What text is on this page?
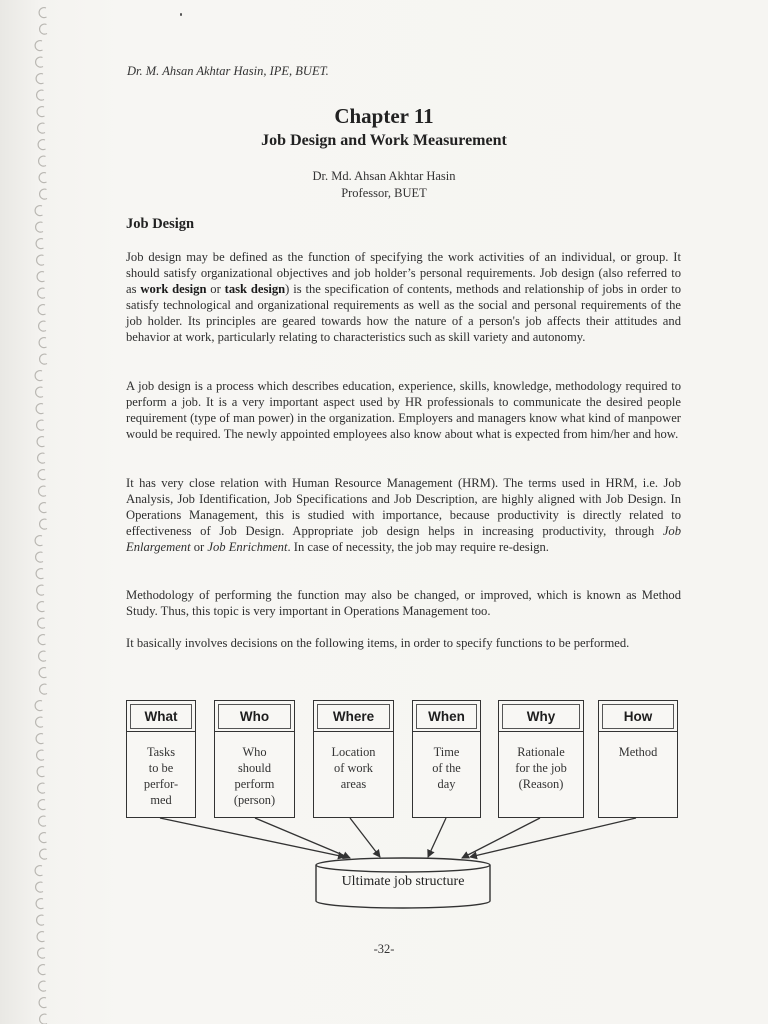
Dr. M. Ahsan Akhtar Hasin, IPE, BUET.
Chapter 11
Job Design and Work Measurement
Dr. Md. Ahsan Akhtar Hasin
Professor, BUET
Job Design
Job design may be defined as the function of specifying the work activities of an individual, or group. It should satisfy organizational objectives and job holder’s personal requirements. Job design (also referred to as work design or task design) is the specification of contents, methods and relationship of jobs in order to satisfy technological and organizational requirements as well as the social and personal requirements of the job holder. Its principles are geared towards how the nature of a person's job affects their attitudes and behavior at work, particularly relating to characteristics such as skill variety and autonomy.
A job design is a process which describes education, experience, skills, knowledge, methodology required to perform a job. It is a very important aspect used by HR professionals to communicate the desired people requirement (type of man power) in the organization. Employers and managers know what kind of manpower would be required. The newly appointed employees also know about what is expected from him/her and how.
It has very close relation with Human Resource Management (HRM). The terms used in HRM, i.e. Job Analysis, Job Identification, Job Specifications and Job Description, are highly aligned with Job Design. In Operations Management, this is studied with importance, because productivity is directly related to effectiveness of Job Design. Appropriate job design helps in increasing productivity, through Job Enlargement or Job Enrichment. In case of necessity, the job may require re-design.
Methodology of performing the function may also be changed, or improved, which is known as Method Study. Thus, this topic is very important in Operations Management too.
It basically involves decisions on the following items, in order to specify functions to be performed.
What
Tasks
to be
perfor-
med
Who
Who
should
perform
(person)
Where
Location
of work
areas
When
Time
of the
day
Why
Rationale
for the job
(Reason)
How
Method
Ultimate job structure
-32-
